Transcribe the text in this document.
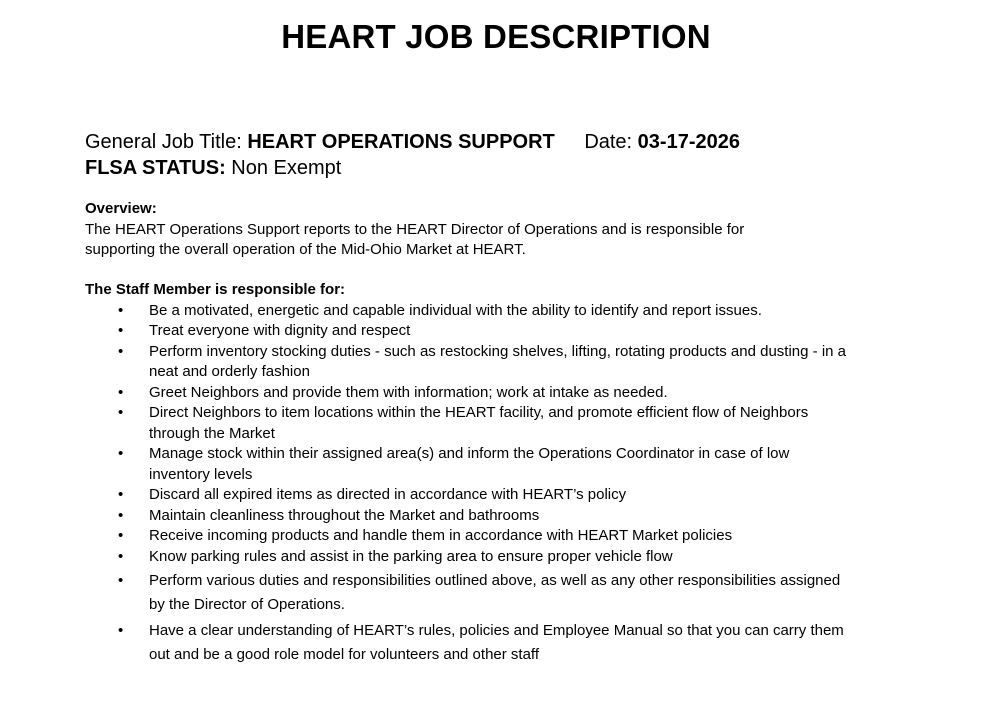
HEART JOB DESCRIPTION
General Job Title: HEART OPERATIONS SUPPORT Date: 03-17-2026
FLSA STATUS: Non Exempt

Overview:

The HEART Operations Support reports to the HEART Director of Operations and is responsible for supporting the overall operation of the Mid-Ohio Market at HEART.

The Staff Member is responsible for:

• Be a motivated, energetic and capable individual with the ability to identify and report issues.
• Treat everyone with dignity and respect
• Perform inventory stocking duties - such as restocking shelves, lifting, rotating products and dusting - in a neat and orderly fashion
• Greet Neighbors and provide them with information; work at intake as needed.
• Direct Neighbors to item locations within the HEART facility, and promote efficient flow of Neighbors through the Market
• Manage stock within their assigned area(s) and inform the Operations Coordinator in case of low inventory levels
• Discard all expired items as directed in accordance with HEART’s policy
• Maintain cleanliness throughout the Market and bathrooms
• Receive incoming products and handle them in accordance with HEART Market policies
• Know parking rules and assist in the parking area to ensure proper vehicle flow
• Perform various duties and responsibilities outlined above, as well as any other responsibilities assigned by the Director of Operations.
• Have a clear understanding of HEART’s rules, policies and Employee Manual so that you can carry them out and be a good role model for volunteers and other staff
